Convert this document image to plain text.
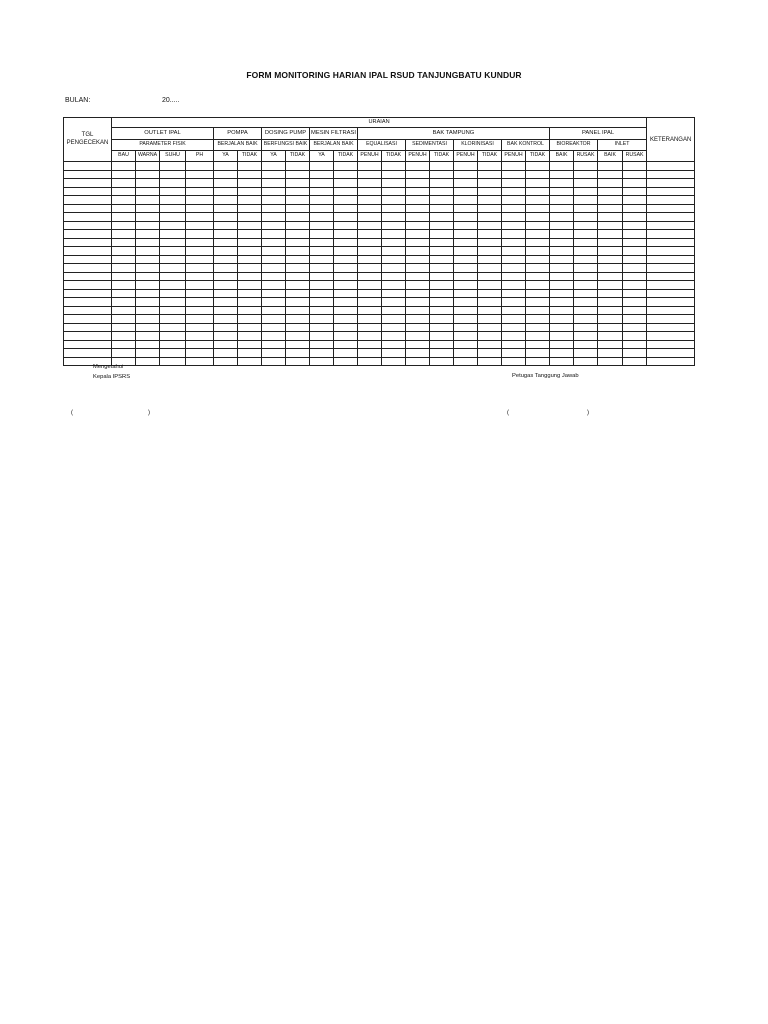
FORM MONITORING HARIAN IPAL RSUD TANJUNGBATU KUNDUR
BULAN:	20.....
TGL PENGECEKAN	URAIAN																						KETERANGAN
	OUTLET IPAL				POMPA		DOSING PUMP		MESIN FILTRASI		BAK TAMPUNG								PANEL IPAL				
	PARAMETER FISIK				BERJALAN BAIK		BERFUNGSI BAIK		BERJALAN BAIK		EQUALISASI		SEDIMENTASI		KLORINISASI		BAK KONTROL		BIOREAKTOR		INLET		
	BAU	WARNA	SUHU	PH	YA	TIDAK	YA	TIDAK	YA	TIDAK	PENUH	TIDAK	PENUH	TIDAK	PENUH	TIDAK	PENUH	TIDAK	BAIK	RUSAK	BAIK	RUSAK	

Mengetahui
Kepala IPSRS	Petugas Tanggung Jawab
(	)	(	)
